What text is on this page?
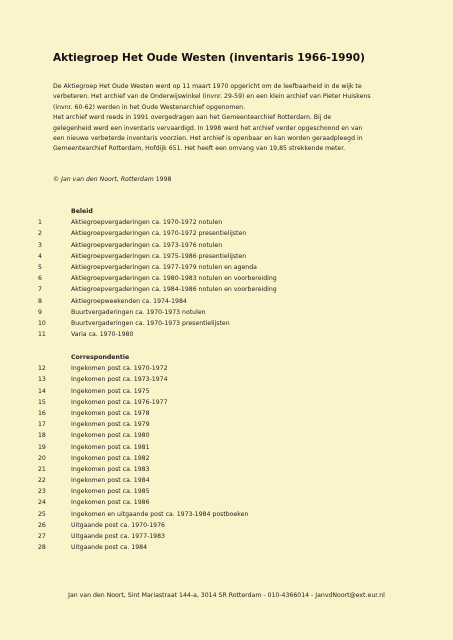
Aktiegroep Het Oude Westen (inventaris 1966-1990)

De Aktiegroep Het Oude Westen werd op 11 maart 1970 opgericht om de leefbaarheid in de wijk te

verbeteren. Het archief van de Onderwijswinkel (invnr. 29-59) en een klein archief van Pieter Huiskens

(invnr. 60-62) werden in het Oude Westenarchief opgenomen.

Het archief werd reeds in 1991 overgedragen aan het Gemeentearchief Rotterdam. Bij de

gelegenheid werd een inventaris vervaardigd. In 1998 werd het archief verder opgeschoond en van

een nieuwe verbeterde inventaris voorzien. Het archief is openbaar en kan worden geraadpleegd in

Gemeentearchief Rotterdam, Hofdijk 651. Het heeft een omvang van 19,85 strekkende meter.

© Jan van den Noort, Rotterdam 1998

Beleid
1	Aktiegroepvergaderingen ca. 1970-1972 notulen
2	Aktiegroepvergaderingen ca. 1970-1972 presentielijsten
3	Aktiegroepvergaderingen ca. 1973-1976 notulen
4	Aktiegroepvergaderingen ca. 1975-1986 presentielijsten
5	Aktiegroepvergaderingen ca. 1977-1979 notulen en agenda
6	Aktiegroepvergaderingen ca. 1980-1983 notulen en voorbereiding
7	Aktiegroepvergaderingen ca. 1984-1986 notulen en voorbereiding
8	Aktiegroepweekenden ca. 1974-1984
9	Buurtvergaderingen ca. 1970-1973 notulen
10	Buurtvergaderingen ca. 1970-1973 presentielijsten
11	Varia ca. 1970-1980
Correspondentie
12	Ingekomen post ca. 1970-1972
13	Ingekomen post ca. 1973-1974
14	Ingekomen post ca. 1975
15	Ingekomen post ca. 1976-1977
16	Ingekomen post ca. 1978
17	Ingekomen post ca. 1979
18	Ingekomen post ca. 1980
19	Ingekomen post ca. 1981
20	Ingekomen post ca. 1982
21	Ingekomen post ca. 1983
22	Ingekomen post ca. 1984
23	Ingekomen post ca. 1985
24	Ingekomen post ca. 1986
25	Ingekomen en uitgaande post ca. 1973-1984 postboeken
26	Uitgaande post ca. 1970-1976
27	Uitgaande post ca. 1977-1983
28	Uitgaande post ca. 1984
Jan van den Noort, Sint Mariastraat 144-a, 3014 SR Rotterdam - 010-4366014 - JanvdNoort@ext.eur.nl
